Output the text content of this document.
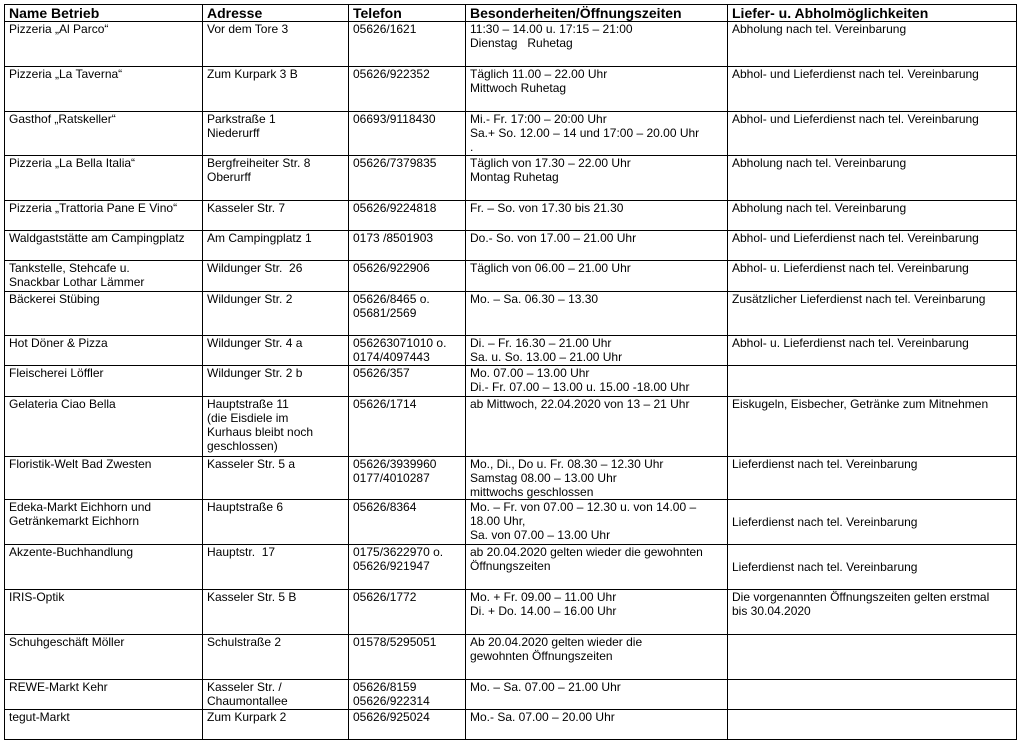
Name Betrieb	Adresse	Telefon	Besonderheiten/Öffnungszeiten	Liefer- u. Abholmöglichkeiten

Pizzeria „Al Parco“	Vor dem Tore 3	05626/1621	11:30 – 14.00 u. 17:15 – 21:00
Dienstag   Ruhetag	Abholung nach tel. Vereinbarung

Pizzeria „La Taverna“	Zum Kurpark 3 B	05626/922352	Täglich 11.00 – 22.00 Uhr
Mittwoch Ruhetag	Abhol- und Lieferdienst nach tel. Vereinbarung

Gasthof „Ratskeller“	Parkstraße 1
Niederurff	06693/9118430	Mi.- Fr. 17:00 – 20:00 Uhr
Sa.+ So. 12.00 – 14 und 17:00 – 20.00 Uhr
.	Abhol- und Lieferdienst nach tel. Vereinbarung

Pizzeria „La Bella Italia“	Bergfreiheiter Str. 8
Oberurff	05626/7379835	Täglich von 17.30 – 22.00 Uhr
Montag Ruhetag	Abholung nach tel. Vereinbarung

Pizzeria „Trattoria Pane E Vino“	Kasseler Str. 7	05626/9224818	Fr. – So. von 17.30 bis 21.30	Abholung nach tel. Vereinbarung

Waldgaststätte am Campingplatz	Am Campingplatz 1	0173 /8501903	Do.- So. von 17.00 – 21.00 Uhr	Abhol- und Lieferdienst nach tel. Vereinbarung

Tankstelle, Stehcafe u.
Snackbar Lothar Lämmer	Wildunger Str.  26	05626/922906	Täglich von 06.00 – 21.00 Uhr	Abhol- u. Lieferdienst nach tel. Vereinbarung

Bäckerei Stübing	Wildunger Str. 2	05626/8465 o.
05681/2569	Mo. – Sa. 06.30 – 13.30	Zusätzlicher Lieferdienst nach tel. Vereinbarung

Hot Döner & Pizza	Wildunger Str. 4 a	056263071010 o.
0174/4097443	Di. – Fr. 16.30 – 21.00 Uhr
Sa. u. So. 13.00 – 21.00 Uhr	Abhol- u. Lieferdienst nach tel. Vereinbarung

Fleischerei Löffler	Wildunger Str. 2 b	05626/357	Mo. 07.00 – 13.00 Uhr
Di.- Fr. 07.00 – 13.00 u. 15.00 -18.00 Uhr	

Gelateria Ciao Bella	Hauptstraße 11
(die Eisdiele im
Kurhaus bleibt noch
geschlossen)	05626/1714	ab Mittwoch, 22.04.2020 von 13 – 21 Uhr	Eiskugeln, Eisbecher, Getränke zum Mitnehmen

Floristik-Welt Bad Zwesten	Kasseler Str. 5 a	05626/3939960
0177/4010287	Mo., Di., Do u. Fr. 08.30 – 12.30 Uhr
Samstag 08.00 – 13.00 Uhr
mittwochs geschlossen	Lieferdienst nach tel. Vereinbarung

Edeka-Markt Eichhorn und
Getränkemarkt Eichhorn	Hauptstraße 6	05626/8364	Mo. – Fr. von 07.00 – 12.30 u. von 14.00 –
18.00 Uhr,
Sa. von 07.00 – 13.00 Uhr	Lieferdienst nach tel. Vereinbarung

Akzente-Buchhandlung	Hauptstr.  17	0175/3622970 o.
05626/921947	ab 20.04.2020 gelten wieder die gewohnten
Öffnungszeiten	Lieferdienst nach tel. Vereinbarung

IRIS-Optik	Kasseler Str. 5 B	05626/1772	Mo. + Fr. 09.00 – 11.00 Uhr
Di. + Do. 14.00 – 16.00 Uhr	Die vorgenannten Öffnungszeiten gelten erstmal
bis 30.04.2020

Schuhgeschäft Möller	Schulstraße 2	01578/5295051	Ab 20.04.2020 gelten wieder die
gewohnten Öffnungszeiten	

REWE-Markt Kehr	Kasseler Str. /
Chaumontallee	05626/8159
05626/922314	Mo. – Sa. 07.00 – 21.00 Uhr	

tegut-Markt	Zum Kurpark 2	05626/925024	Mo.- Sa. 07.00 – 20.00 Uhr	
